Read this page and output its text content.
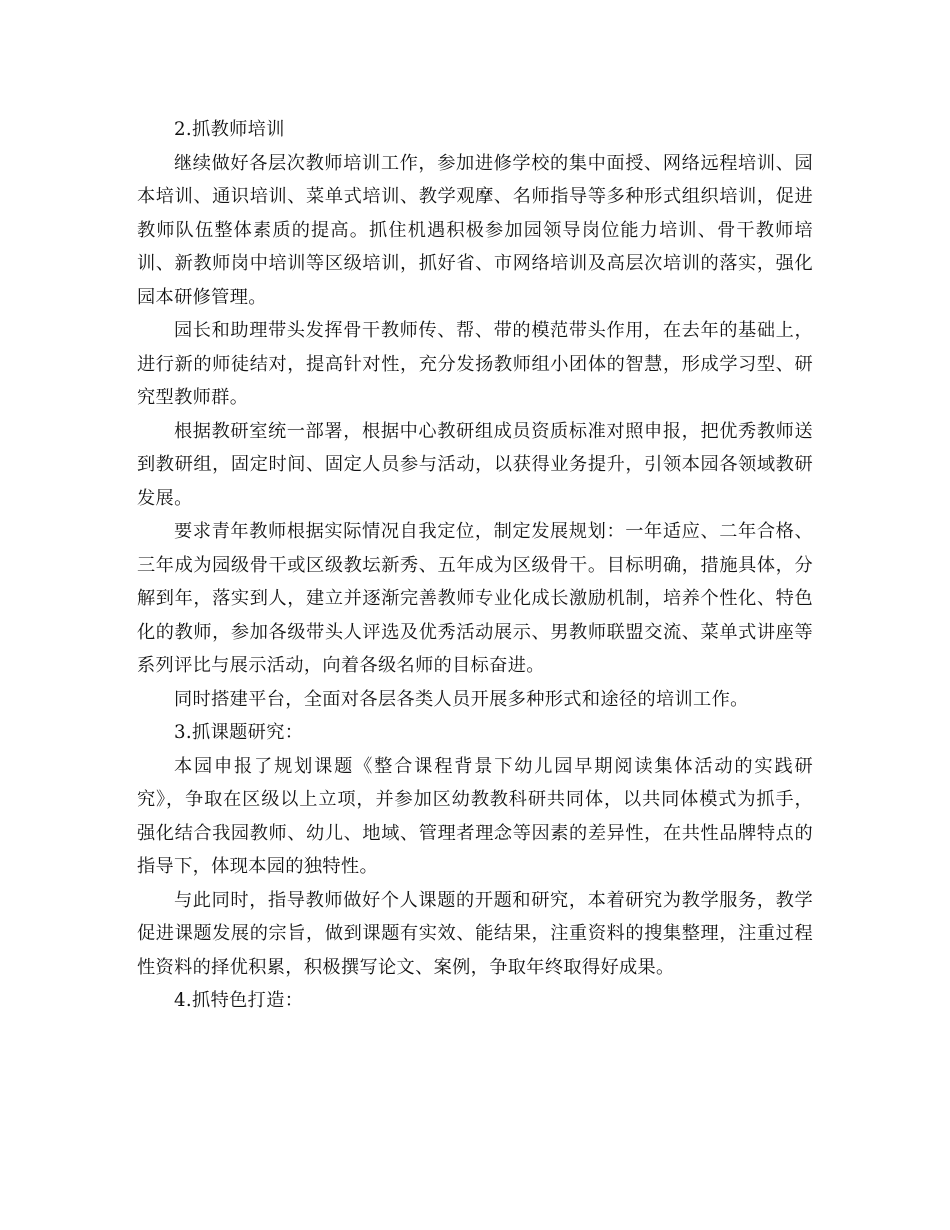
2.抓教师培训

继续做好各层次教师培训工作，参加进修学校的集中面授、网络远程培训、园本培训、通识培训、菜单式培训、教学观摩、名师指导等多种形式组织培训，促进教师队伍整体素质的提高。抓住机遇积极参加园领导岗位能力培训、骨干教师培训、新教师岗中培训等区级培训，抓好省、市网络培训及高层次培训的落实，强化园本研修管理。

园长和助理带头发挥骨干教师传、帮、带的模范带头作用，在去年的基础上，进行新的师徒结对，提高针对性，充分发扬教师组小团体的智慧，形成学习型、研究型教师群。

根据教研室统一部署，根据中心教研组成员资质标准对照申报，把优秀教师送到教研组，固定时间、固定人员参与活动，以获得业务提升，引领本园各领域教研发展。

要求青年教师根据实际情况自我定位，制定发展规划：一年适应、二年合格、三年成为园级骨干或区级教坛新秀、五年成为区级骨干。目标明确，措施具体，分解到年，落实到人，建立并逐渐完善教师专业化成长激励机制，培养个性化、特色化的教师，参加各级带头人评选及优秀活动展示、男教师联盟交流、菜单式讲座等系列评比与展示活动，向着各级名师的目标奋进。

同时搭建平台，全面对各层各类人员开展多种形式和途径的培训工作。

3.抓课题研究：

本园申报了规划课题《整合课程背景下幼儿园早期阅读集体活动的实践研究》，争取在区级以上立项，并参加区幼教教科研共同体，以共同体模式为抓手，强化结合我园教师、幼儿、地域、管理者理念等因素的差异性，在共性品牌特点的指导下，体现本园的独特性。

与此同时，指导教师做好个人课题的开题和研究，本着研究为教学服务，教学促进课题发展的宗旨，做到课题有实效、能结果，注重资料的搜集整理，注重过程性资料的择优积累，积极撰写论文、案例，争取年终取得好成果。

4.抓特色打造：
